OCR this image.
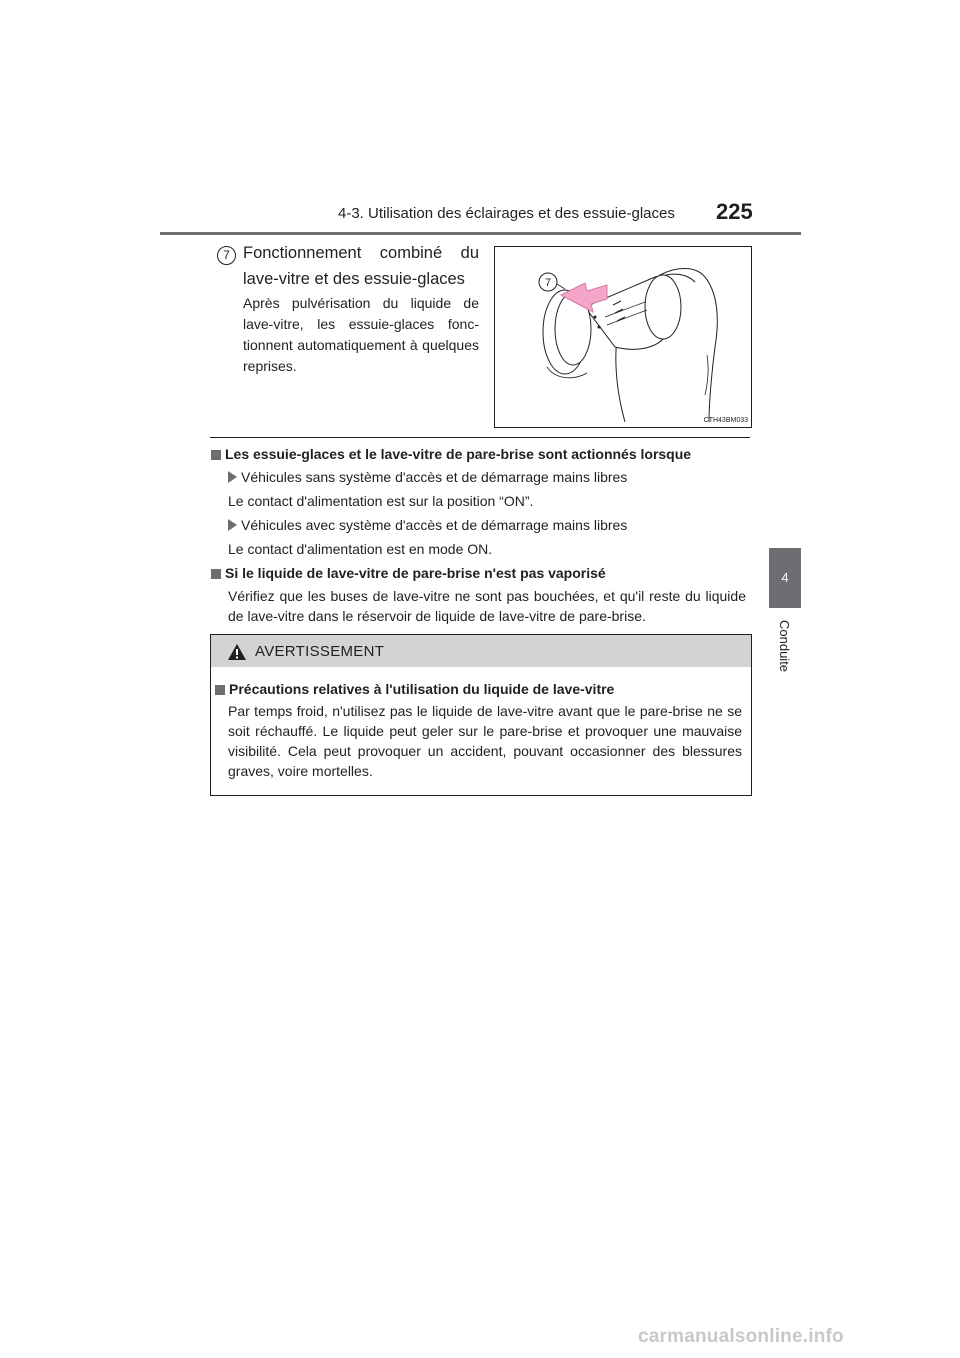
4-3. Utilisation des éclairages et des essuie-glaces 225
4
Conduite
7 Fonctionnement combiné du
lave-vitre et des essuie-glaces
Après pulvérisation du liquide de lave-vitre, les essuie-glaces fonc-tionnent automatiquement à quelques reprises.
7
CTH43BM033
Les essuie-glaces et le lave-vitre de pare-brise sont actionnés lorsque
Véhicules sans système d'accès et de démarrage mains libres
Le contact d'alimentation est sur la position “ON”.
Véhicules avec système d'accès et de démarrage mains libres
Le contact d'alimentation est en mode ON.
Si le liquide de lave-vitre de pare-brise n'est pas vaporisé
Vérifiez que les buses de lave-vitre ne sont pas bouchées, et qu'il reste du liquide de lave-vitre dans le réservoir de liquide de lave-vitre de pare-brise.
AVERTISSEMENT
Précautions relatives à l'utilisation du liquide de lave-vitre
Par temps froid, n'utilisez pas le liquide de lave-vitre avant que le pare-brise ne se soit réchauffé. Le liquide peut geler sur le pare-brise et provoquer une mauvaise visibilité. Cela peut provoquer un accident, pouvant occasionner des blessures graves, voire mortelles.
carmanualsonline.info
